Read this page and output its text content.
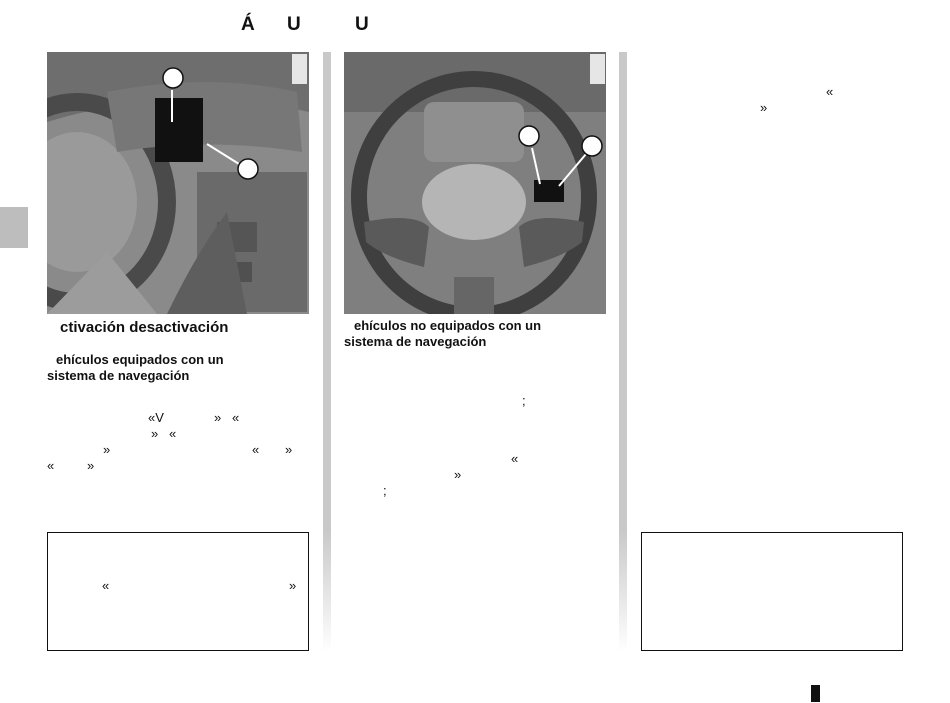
Á U	U
ctivación desactivación
ehículos equipados con un
sistema de navegación
«V	» «
» «
»	« »
«	»
«	»
ehículos no equipados con un
sistema de navegación
;
«
»
;
«
»
